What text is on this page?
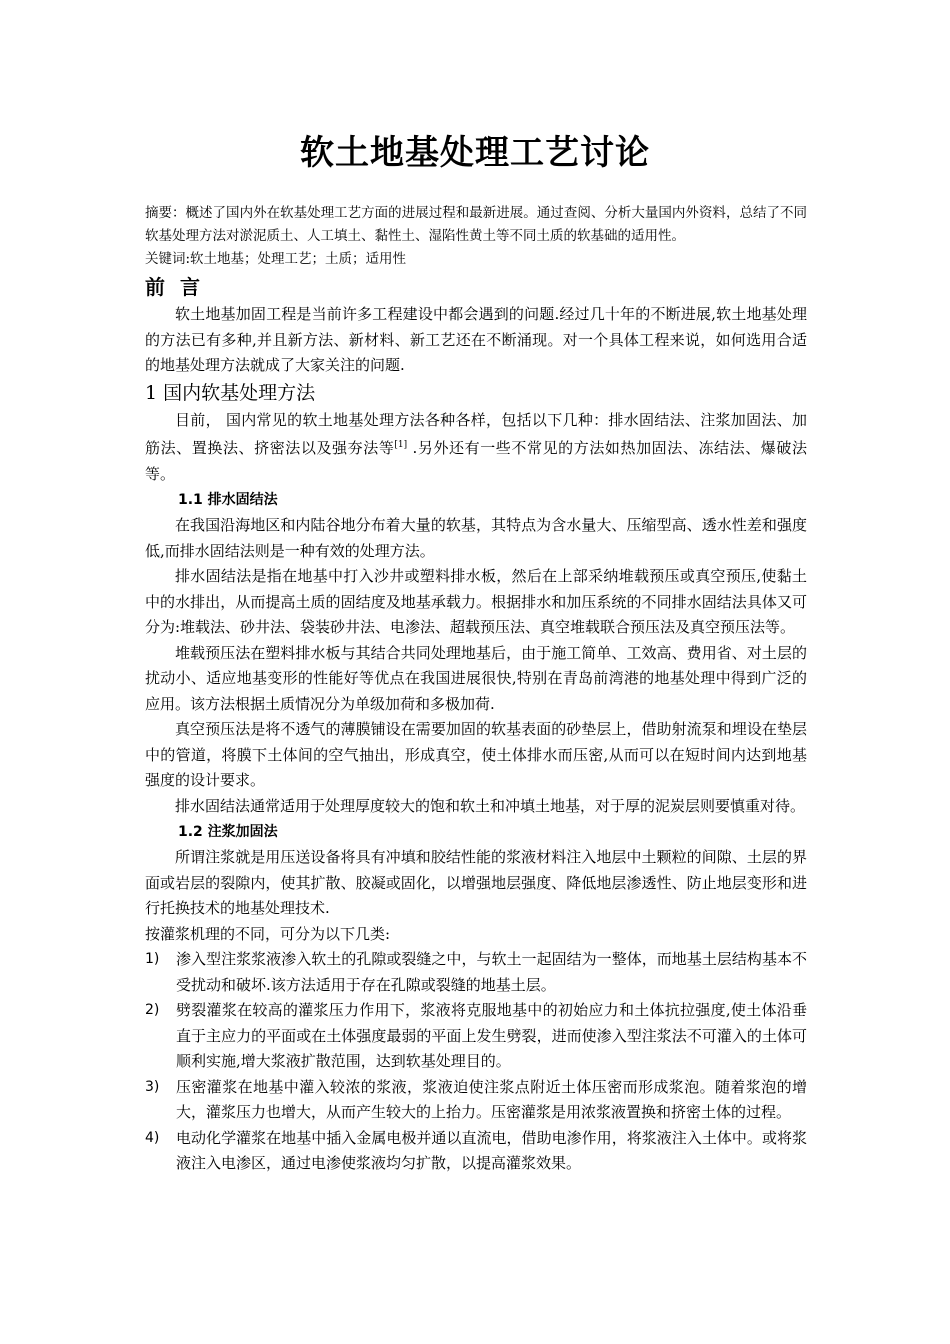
软土地基处理工艺讨论

摘要：概述了国内外在软基处理工艺方面的进展过程和最新进展。通过查阅、分析大量国内外资料，总结了不同软基处理方法对淤泥质土、人工填土、黏性土、湿陷性黄土等不同土质的软基础的适用性。

关键词:软土地基；处理工艺；土质；适用性

前 言

软土地基加固工程是当前许多工程建设中都会遇到的问题.经过几十年的不断进展,软土地基处理的方法已有多种,并且新方法、新材料、新工艺还在不断涌现。对一个具体工程来说，如何选用合适的地基处理方法就成了大家关注的问题.

1 国内软基处理方法

目前， 国内常见的软土地基处理方法各种各样，包括以下几种：排水固结法、注浆加固法、加筋法、置换法、挤密法以及强夯法等[1] .另外还有一些不常见的方法如热加固法、冻结法、爆破法等。

1.1 排水固结法

在我国沿海地区和内陆谷地分布着大量的软基，其特点为含水量大、压缩型高、透水性差和强度低,而排水固结法则是一种有效的处理方法。

排水固结法是指在地基中打入沙井或塑料排水板，然后在上部采纳堆载预压或真空预压,使黏土中的水排出，从而提高土质的固结度及地基承载力。根据排水和加压系统的不同排水固结法具体又可分为:堆载法、砂井法、袋装砂井法、电渗法、超载预压法、真空堆载联合预压法及真空预压法等。

堆载预压法在塑料排水板与其结合共同处理地基后，由于施工简单、工效高、费用省、对土层的扰动小、适应地基变形的性能好等优点在我国进展很快,特别在青岛前湾港的地基处理中得到广泛的应用。该方法根据土质情况分为单级加荷和多极加荷.

真空预压法是将不透气的薄膜铺设在需要加固的软基表面的砂垫层上，借助射流泵和埋设在垫层中的管道，将膜下土体间的空气抽出，形成真空，使土体排水而压密,从而可以在短时间内达到地基强度的设计要求。

排水固结法通常适用于处理厚度较大的饱和软土和冲填土地基，对于厚的泥炭层则要慎重对待。

1.2 注浆加固法

所谓注浆就是用压送设备将具有冲填和胶结性能的浆液材料注入地层中土颗粒的间隙、土层的界面或岩层的裂隙内，使其扩散、胶凝或固化，以增强地层强度、降低地层渗透性、防止地层变形和进行托换技术的地基处理技术.

按灌浆机理的不同，可分为以下几类:

1) 渗入型注浆浆液渗入软土的孔隙或裂缝之中，与软土一起固结为一整体，而地基土层结构基本不受扰动和破坏.该方法适用于存在孔隙或裂缝的地基土层。
2) 劈裂灌浆在较高的灌浆压力作用下，浆液将克服地基中的初始应力和土体抗拉强度,使土体沿垂直于主应力的平面或在土体强度最弱的平面上发生劈裂，进而使渗入型注浆法不可灌入的土体可顺利实施,增大浆液扩散范围，达到软基处理目的。
3) 压密灌浆在地基中灌入较浓的浆液，浆液迫使注浆点附近土体压密而形成浆泡。随着浆泡的增大，灌浆压力也增大，从而产生较大的上抬力。压密灌浆是用浓浆液置换和挤密土体的过程。
4) 电动化学灌浆在地基中插入金属电极并通以直流电，借助电渗作用，将浆液注入土体中。或将浆液注入电渗区，通过电渗使浆液均匀扩散，以提高灌浆效果。
